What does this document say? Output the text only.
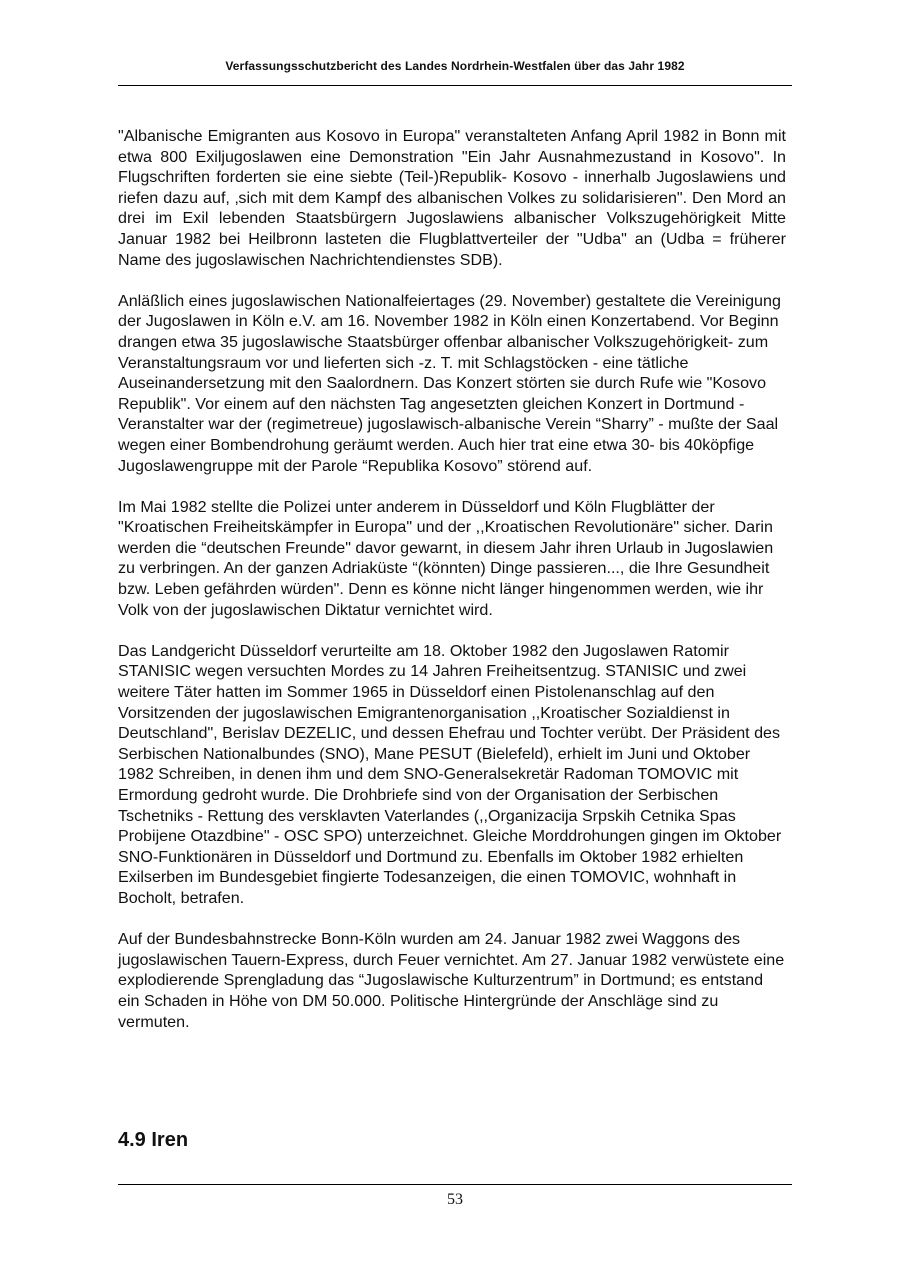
Verfassungsschutzbericht des Landes Nordrhein-Westfalen über das Jahr 1982

"Albanische Emigranten aus Kosovo in Europa" veranstalteten Anfang April 1982 in Bonn mit etwa 800 Exiljugoslawen eine Demonstration "Ein Jahr Ausnahmezustand in Kosovo". In Flugschriften forderten sie eine siebte (Teil-)Republik- Kosovo - innerhalb Jugoslawiens und riefen dazu auf, ‚sich mit dem Kampf des albanischen Volkes zu solidarisieren". Den Mord an drei im Exil lebenden Staatsbürgern Jugoslawiens albanischer Volkszugehörigkeit Mitte Januar 1982 bei Heilbronn lasteten die Flugblattverteiler der "Udba" an (Udba = früherer Name des jugoslawischen Nachrichtendienstes SDB).

Anläßlich eines jugoslawischen Nationalfeiertages (29. November) gestaltete die Vereinigung der Jugoslawen in Köln e.V. am 16. November 1982 in Köln einen Konzertabend. Vor Beginn drangen etwa 35 jugoslawische Staatsbürger offenbar albanischer Volkszugehörigkeit- zum Veranstaltungsraum vor und lieferten sich -z. T. mit Schlagstöcken - eine tätliche Auseinandersetzung mit den Saalordnern. Das Konzert störten sie durch Rufe wie "Kosovo Republik". Vor einem auf den nächsten Tag angesetzten gleichen Konzert in Dortmund - Veranstalter war der (regimetreue) jugoslawisch-albanische Verein “Sharry” - mußte der Saal wegen einer Bombendrohung geräumt werden. Auch hier trat eine etwa 30- bis 40köpfige Jugoslawengruppe mit der Parole “Republika Kosovo” störend auf.

Im Mai 1982 stellte die Polizei unter anderem in Düsseldorf und Köln Flugblätter der "Kroatischen Freiheitskämpfer in Europa" und der ,,Kroatischen Revolutionäre" sicher. Darin werden die “deutschen Freunde" davor gewarnt, in diesem Jahr ihren Urlaub in Jugoslawien zu verbringen. An der ganzen Adriaküste “(könnten) Dinge passieren..., die Ihre Gesundheit bzw. Leben gefährden würden". Denn es könne nicht länger hingenommen werden, wie ihr Volk von der jugoslawischen Diktatur vernichtet wird.

Das Landgericht Düsseldorf verurteilte am 18. Oktober 1982 den Jugoslawen Ratomir STANISIC wegen versuchten Mordes zu 14 Jahren Freiheitsentzug. STANISIC und zwei weitere Täter hatten im Sommer 1965 in Düsseldorf einen Pistolenanschlag auf den Vorsitzenden der jugoslawischen Emigrantenorganisation ,,Kroatischer Sozialdienst in Deutschland", Berislav DEZELIC, und dessen Ehefrau und Tochter verübt. Der Präsident des Serbischen Nationalbundes (SNO), Mane PESUT (Bielefeld), erhielt im Juni und Oktober 1982 Schreiben, in denen ihm und dem SNO-Generalsekretär Radoman TOMOVIC mit Ermordung gedroht wurde. Die Drohbriefe sind von der Organisation der Serbischen Tschetniks - Rettung des versklavten Vaterlandes (,,Organizacija Srpskih Cetnika Spas Probijene Otazdbine" - OSC SPO) unterzeichnet. Gleiche Morddrohungen gingen im Oktober SNO-Funktionären in Düsseldorf und Dortmund zu. Ebenfalls im Oktober 1982 erhielten Exilserben im Bundesgebiet fingierte Todesanzeigen, die einen TOMOVIC, wohnhaft in Bocholt, betrafen.

Auf der Bundesbahnstrecke Bonn-Köln wurden am 24. Januar 1982 zwei Waggons des jugoslawischen Tauern-Express, durch Feuer vernichtet. Am 27. Januar 1982 verwüstete eine explodierende Sprengladung das “Jugoslawische Kulturzentrum” in Dortmund; es entstand ein Schaden in Höhe von DM 50.000. Politische Hintergründe der Anschläge sind zu vermuten.

4.9 Iren
53
